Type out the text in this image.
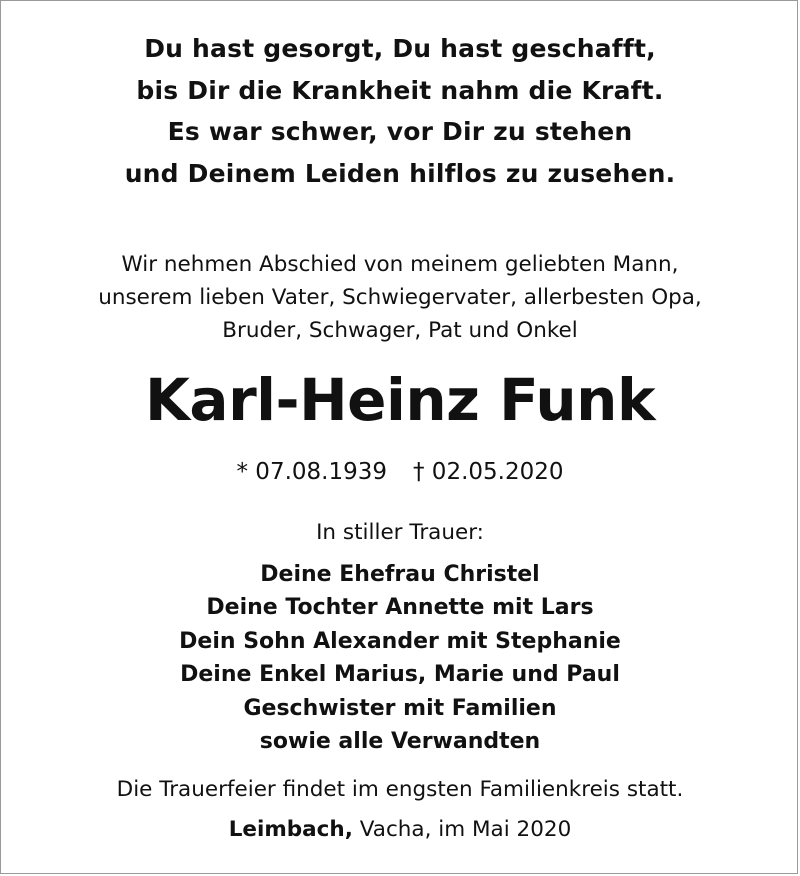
Du hast gesorgt, Du hast geschafft,
bis Dir die Krankheit nahm die Kraft.
Es war schwer, vor Dir zu stehen
und Deinem Leiden hilflos zu zusehen.
Wir nehmen Abschied von meinem geliebten Mann,
unserem lieben Vater, Schwiegervater, allerbesten Opa,
Bruder, Schwager, Pat und Onkel
Karl-Heinz Funk
* 07.08.1939 † 02.05.2020
In stiller Trauer:
Deine Ehefrau Christel
Deine Tochter Annette mit Lars
Dein Sohn Alexander mit Stephanie
Deine Enkel Marius, Marie und Paul
Geschwister mit Familien
sowie alle Verwandten
Die Trauerfeier findet im engsten Familienkreis statt.
Leimbach, Vacha, im Mai 2020
